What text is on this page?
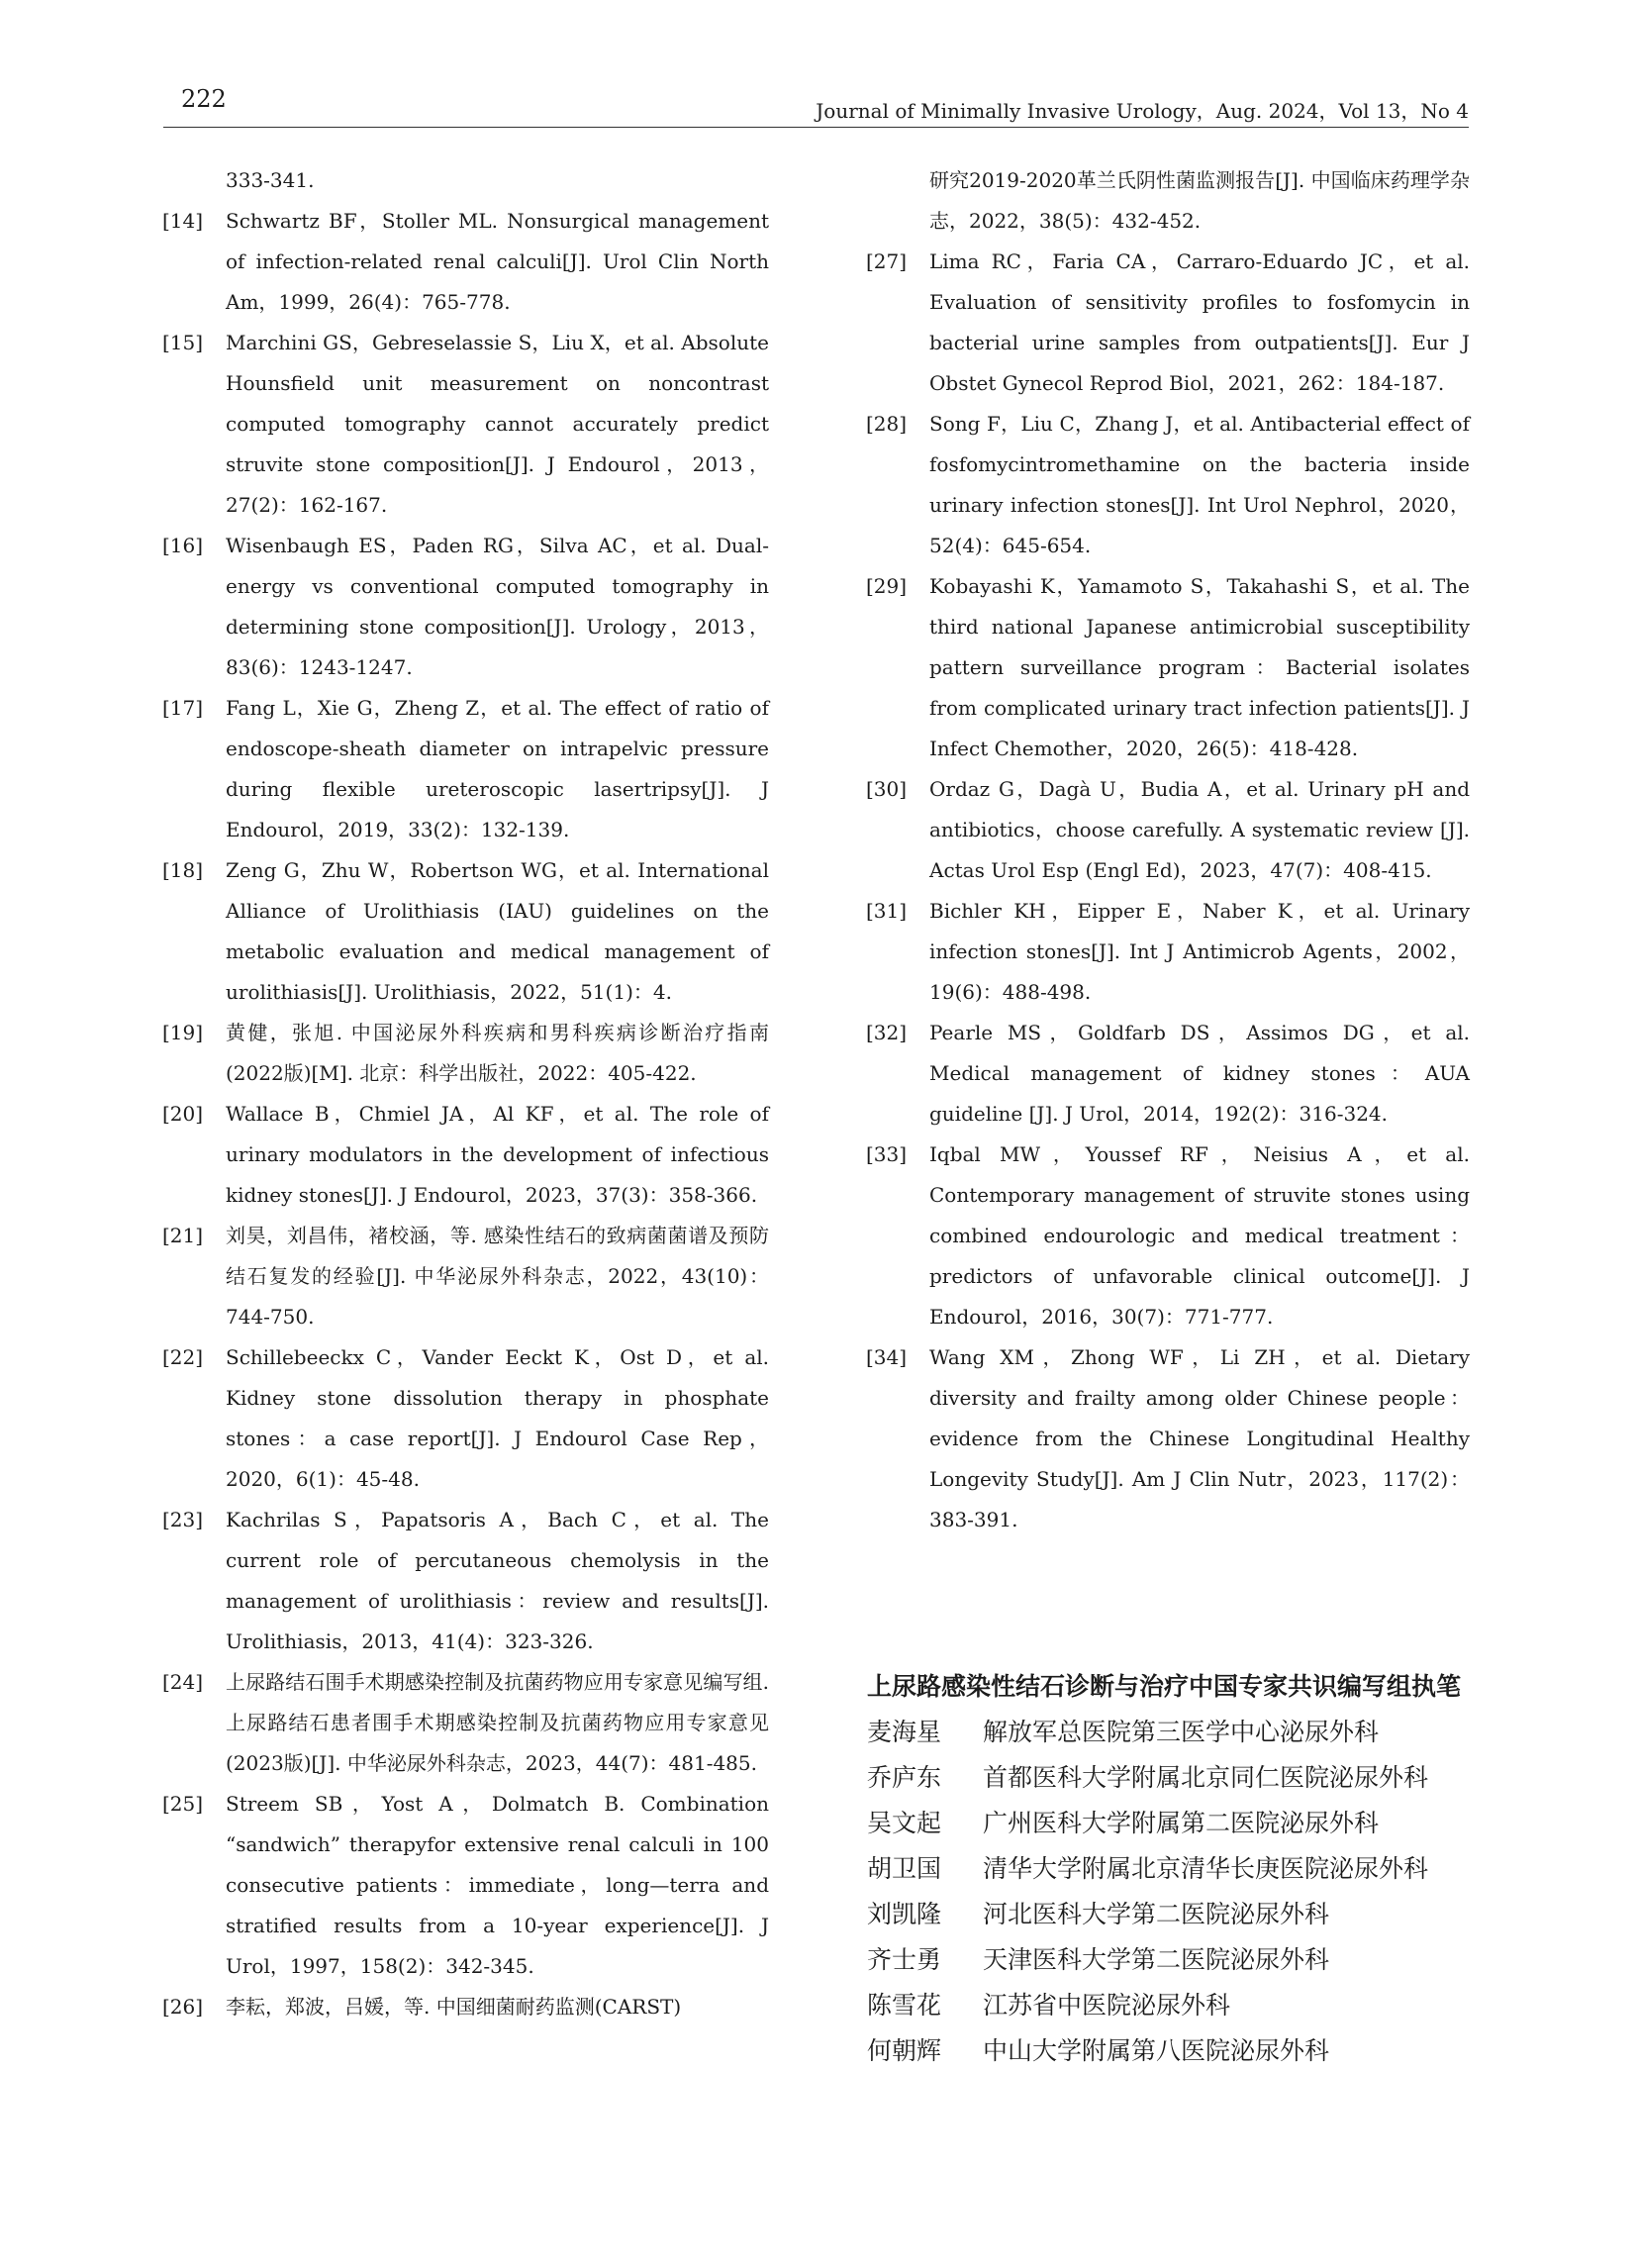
222	Journal of Minimally Invasive Urology，Aug. 2024，Vol 13，No 4
333-341.
[14]	Schwartz BF，Stoller ML. Nonsurgical management of infection-related renal calculi[J]. Urol Clin North Am，1999，26(4)：765-778.
[15]	Marchini GS，Gebreselassie S，Liu X，et al. Absolute Hounsfield unit measurement on noncontrast computed tomography cannot accurately predict struvite stone composition[J]. J Endourol，2013，27(2)：162-167.
[16]	Wisenbaugh ES，Paden RG，Silva AC，et al. Dual-energy vs conventional computed tomography in determining stone composition[J]. Urology，2013，83(6)：1243-1247.
[17]	Fang L，Xie G，Zheng Z，et al. The effect of ratio of endoscope-sheath diameter on intrapelvic pressure during flexible ureteroscopic lasertripsy[J]. J Endourol，2019，33(2)：132-139.
[18]	Zeng G，Zhu W，Robertson WG，et al. International Alliance of Urolithiasis (IAU) guidelines on the metabolic evaluation and medical management of urolithiasis[J]. Urolithiasis，2022，51(1)：4.
[19]	黄健，张旭. 中国泌尿外科疾病和男科疾病诊断治疗指南(2022版)[M]. 北京：科学出版社，2022：405-422.
[20]	Wallace B，Chmiel JA，Al KF，et al. The role of urinary modulators in the development of infectious kidney stones[J]. J Endourol，2023，37(3)：358-366.
[21]	刘昊，刘昌伟，褚校涵，等. 感染性结石的致病菌菌谱及预防结石复发的经验[J]. 中华泌尿外科杂志，2022，43(10)：744-750.
[22]	Schillebeeckx C，Vander Eeckt K，Ost D，et al. Kidney stone dissolution therapy in phosphate stones：a case report[J]. J Endourol Case Rep，2020，6(1)：45-48.
[23]	Kachrilas S，Papatsoris A，Bach C，et al. The current role of percutaneous chemolysis in the management of urolithiasis：review and results[J]. Urolithiasis，2013，41(4)：323-326.
[24]	上尿路结石围手术期感染控制及抗菌药物应用专家意见编写组. 上尿路结石患者围手术期感染控制及抗菌药物应用专家意见(2023版)[J]. 中华泌尿外科杂志，2023，44(7)：481-485.
[25]	Streem SB，Yost A，Dolmatch B. Combination “sandwich” therapyfor extensive renal calculi in 100 consecutive patients：immediate，long—terra and stratified results from a 10-year experience[J]. J Urol，1997，158(2)：342-345.
[26]	李耘，郑波，吕媛，等. 中国细菌耐药监测(CARST)
研究2019-2020革兰氏阴性菌监测报告[J]. 中国临床药理学杂志，2022，38(5)：432-452.
[27]	Lima RC，Faria CA，Carraro-Eduardo JC，et al. Evaluation of sensitivity profiles to fosfomycin in bacterial urine samples from outpatients[J]. Eur J Obstet Gynecol Reprod Biol，2021，262：184-187.
[28]	Song F，Liu C，Zhang J，et al. Antibacterial effect of fosfomycintromethamine on the bacteria inside urinary infection stones[J]. Int Urol Nephrol，2020，52(4)：645-654.
[29]	Kobayashi K，Yamamoto S，Takahashi S，et al. The third national Japanese antimicrobial susceptibility pattern surveillance program：Bacterial isolates from complicated urinary tract infection patients[J]. J Infect Chemother，2020，26(5)：418-428.
[30]	Ordaz G，Dagà U，Budia A，et al. Urinary pH and antibiotics，choose carefully. A systematic review [J]. Actas Urol Esp (Engl Ed)，2023，47(7)：408-415.
[31]	Bichler KH，Eipper E，Naber K，et al. Urinary infection stones[J]. Int J Antimicrob Agents，2002，19(6)：488-498.
[32]	Pearle MS，Goldfarb DS，Assimos DG，et al. Medical management of kidney stones：AUA guideline [J]. J Urol，2014，192(2)：316-324.
[33]	Iqbal MW，Youssef RF，Neisius A，et al. Contemporary management of struvite stones using combined endourologic and medical treatment：predictors of unfavorable clinical outcome[J]. J Endourol，2016，30(7)：771-777.
[34]	Wang XM，Zhong WF，Li ZH，et al. Dietary diversity and frailty among older Chinese people：evidence from the Chinese Longitudinal Healthy Longevity Study[J]. Am J Clin Nutr，2023，117(2)：383-391.

上尿路感染性结石诊断与治疗中国专家共识编写组执笔

麦海星	解放军总医院第三医学中心泌尿外科
乔庐东	首都医科大学附属北京同仁医院泌尿外科
吴文起	广州医科大学附属第二医院泌尿外科
胡卫国	清华大学附属北京清华长庚医院泌尿外科
刘凯隆	河北医科大学第二医院泌尿外科
齐士勇	天津医科大学第二医院泌尿外科
陈雪花	江苏省中医院泌尿外科
何朝辉	中山大学附属第八医院泌尿外科
